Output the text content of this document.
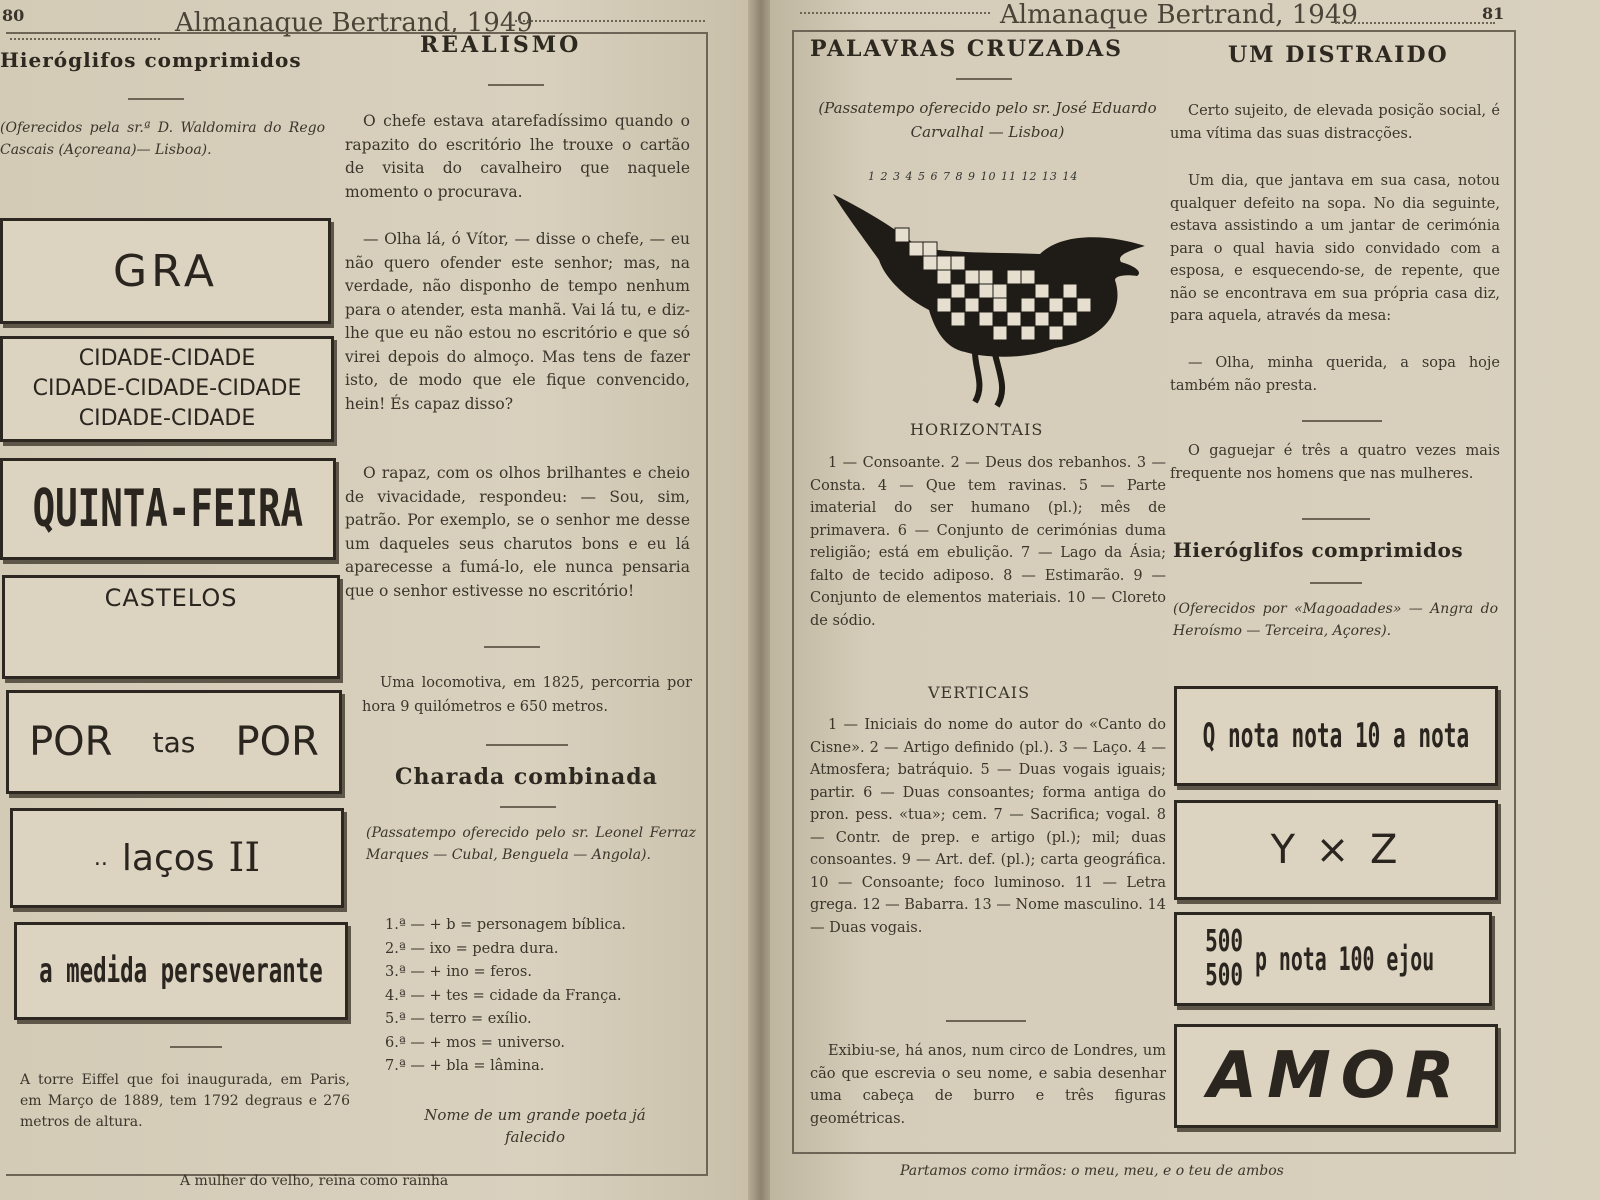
80	Almanaque Bertrand, 1949
Hieróglifos comprimidos
(Oferecidos pela sr.ª D. Waldomira do Rego Cascais (Açoreana)— Lisboa).
GRA
CIDADE-CIDADE
CIDADE-CIDADE-CIDADE
CIDADE-CIDADE
QUINTA-FEIRA
CASTELOS
POR tas POR
.. laços II
a medida perseverante
A torre Eiffel que foi inaugurada, em Paris, em Março de 1889, tem 1792 degraus e 276 metros de altura.
REALISMO
O chefe estava atarefadíssimo quando o rapazito do escritório lhe trouxe o cartão de visita do cavalheiro que naquele momento o procurava.
— Olha lá, ó Vítor, — disse o chefe, — eu não quero ofender este senhor; mas, na verdade, não disponho de tempo nenhum para o atender, esta manhã. Vai lá tu, e diz-lhe que eu não estou no escritório e que só virei depois do almoço. Mas tens de fazer isto, de modo que ele fique convencido, hein! És capaz disso?
O rapaz, com os olhos brilhantes e cheio de vivacidade, respondeu: — Sou, sim, patrão. Por exemplo, se o senhor me desse um daqueles seus charutos bons e eu lá aparecesse a fumá-lo, ele nunca pensaria que o senhor estivesse no escritório!
Uma locomotiva, em 1825, percorria por hora 9 quilómetros e 650 metros.
Charada combinada
(Passatempo oferecido pelo sr. Leonel Ferraz Marques — Cubal, Benguela — Angola).
1.ª — + b = personagem bíblica.
2.ª — ixo = pedra dura.
3.ª — + ino = feros.
4.ª — + tes = cidade da França.
5.ª — terro = exílio.
6.ª — + mos = universo.
7.ª — + bla = lâmina.
Nome de um grande poeta já falecido
A mulher do velho, reina como rainha
Almanaque Bertrand, 1949	81
PALAVRAS CRUZADAS
(Passatempo oferecido pelo sr. José Eduardo Carvalhal — Lisboa)
1 2 3 4 5 6 7 8 9 10 11 12 13 14
HORIZONTAIS
1 — Consoante. 2 — Deus dos rebanhos. 3 — Consta. 4 — Que tem ravinas. 5 — Parte imaterial do ser humano (pl.); mês de primavera. 6 — Conjunto de cerimónias duma religião; está em ebulição. 7 — Lago da Ásia; falto de tecido adiposo. 8 — Estimarão. 9 — Conjunto de elementos materiais. 10 — Cloreto de sódio.
VERTICAIS
1 — Iniciais do nome do autor do «Canto do Cisne». 2 — Artigo definido (pl.). 3 — Laço. 4 — Atmosfera; batráquio. 5 — Duas vogais iguais; partir. 6 — Duas consoantes; forma antiga do pron. pess. «tua»; cem. 7 — Sacrifica; vogal. 8 — Contr. de prep. e artigo (pl.); mil; duas consoantes. 9 — Art. def. (pl.); carta geográfica. 10 — Consoante; foco luminoso. 11 — Letra grega. 12 — Babarra. 13 — Nome masculino. 14 — Duas vogais.
Exibiu-se, há anos, num circo de Londres, um cão que escrevia o seu nome, e sabia desenhar uma cabeça de burro e três figuras geométricas.
UM DISTRAIDO
Certo sujeito, de elevada posição social, é uma vítima das suas distracções.
Um dia, que jantava em sua casa, notou qualquer defeito na sopa. No dia seguinte, estava assistindo a um jantar de cerimónia para o qual havia sido convidado com a esposa, e esquecendo-se, de repente, que não se encontrava em sua própria casa diz, para aquela, através da mesa:
— Olha, minha querida, a sopa hoje também não presta.
O gaguejar é três a quatro vezes mais frequente nos homens que nas mulheres.
Hieróglifos comprimidos
(Oferecidos por «Magoadades» — Angra do Heroísmo — Terceira, Açores).
Q nota nota 10 a nota
Y × Z
500
500 p nota 100 ejou
AMOR
Partamos como irmãos: o meu, meu, e o teu de ambos
